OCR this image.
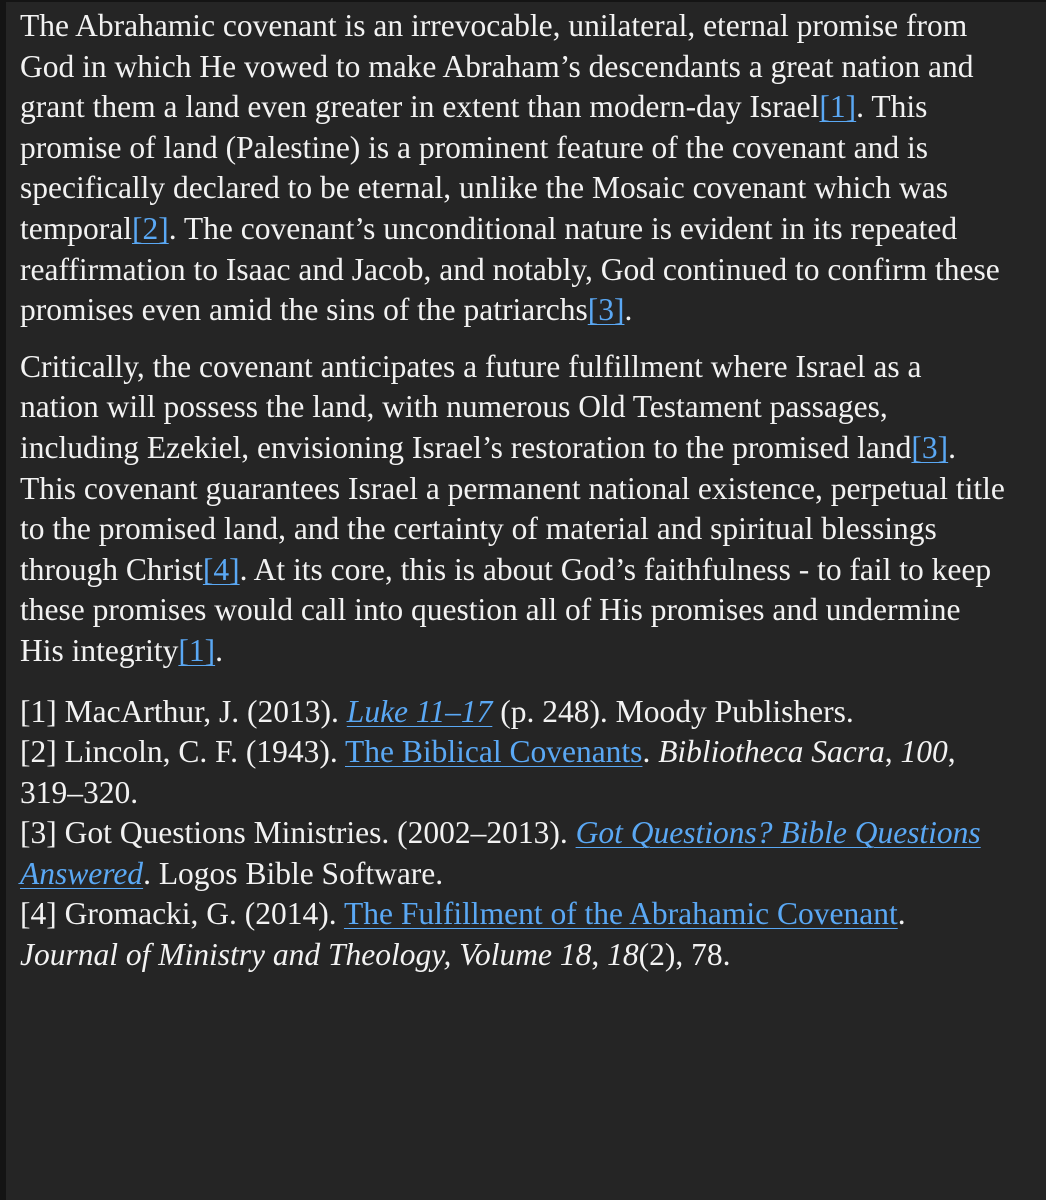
The Abrahamic covenant is an irrevocable, unilateral, eternal promise from God in which He vowed to make Abraham’s descendants a great nation and grant them a land even greater in extent than modern-day Israel[1]. This promise of land (Palestine) is a prominent feature of the covenant and is specifically declared to be eternal, unlike the Mosaic covenant which was temporal[2]. The covenant’s unconditional nature is evident in its repeated reaffirmation to Isaac and Jacob, and notably, God continued to confirm these promises even amid the sins of the patriarchs[3].

Critically, the covenant anticipates a future fulfillment where Israel as a nation will possess the land, with numerous Old Testament passages, including Ezekiel, envisioning Israel’s restoration to the promised land[3]. This covenant guarantees Israel a permanent national existence, perpetual title to the promised land, and the certainty of material and spiritual blessings through Christ[4]. At its core, this is about God’s faithfulness - to fail to keep these promises would call into question all of His promises and undermine His integrity[1].

[1] MacArthur, J. (2013). Luke 11–17 (p. 248). Moody Publishers.
[2] Lincoln, C. F. (1943). The Biblical Covenants. Bibliotheca Sacra, 100, 319–320.
[3] Got Questions Ministries. (2002–2013). Got Questions? Bible Questions Answered. Logos Bible Software.
[4] Gromacki, G. (2014). The Fulfillment of the Abrahamic Covenant. Journal of Ministry and Theology, Volume 18, 18(2), 78.
